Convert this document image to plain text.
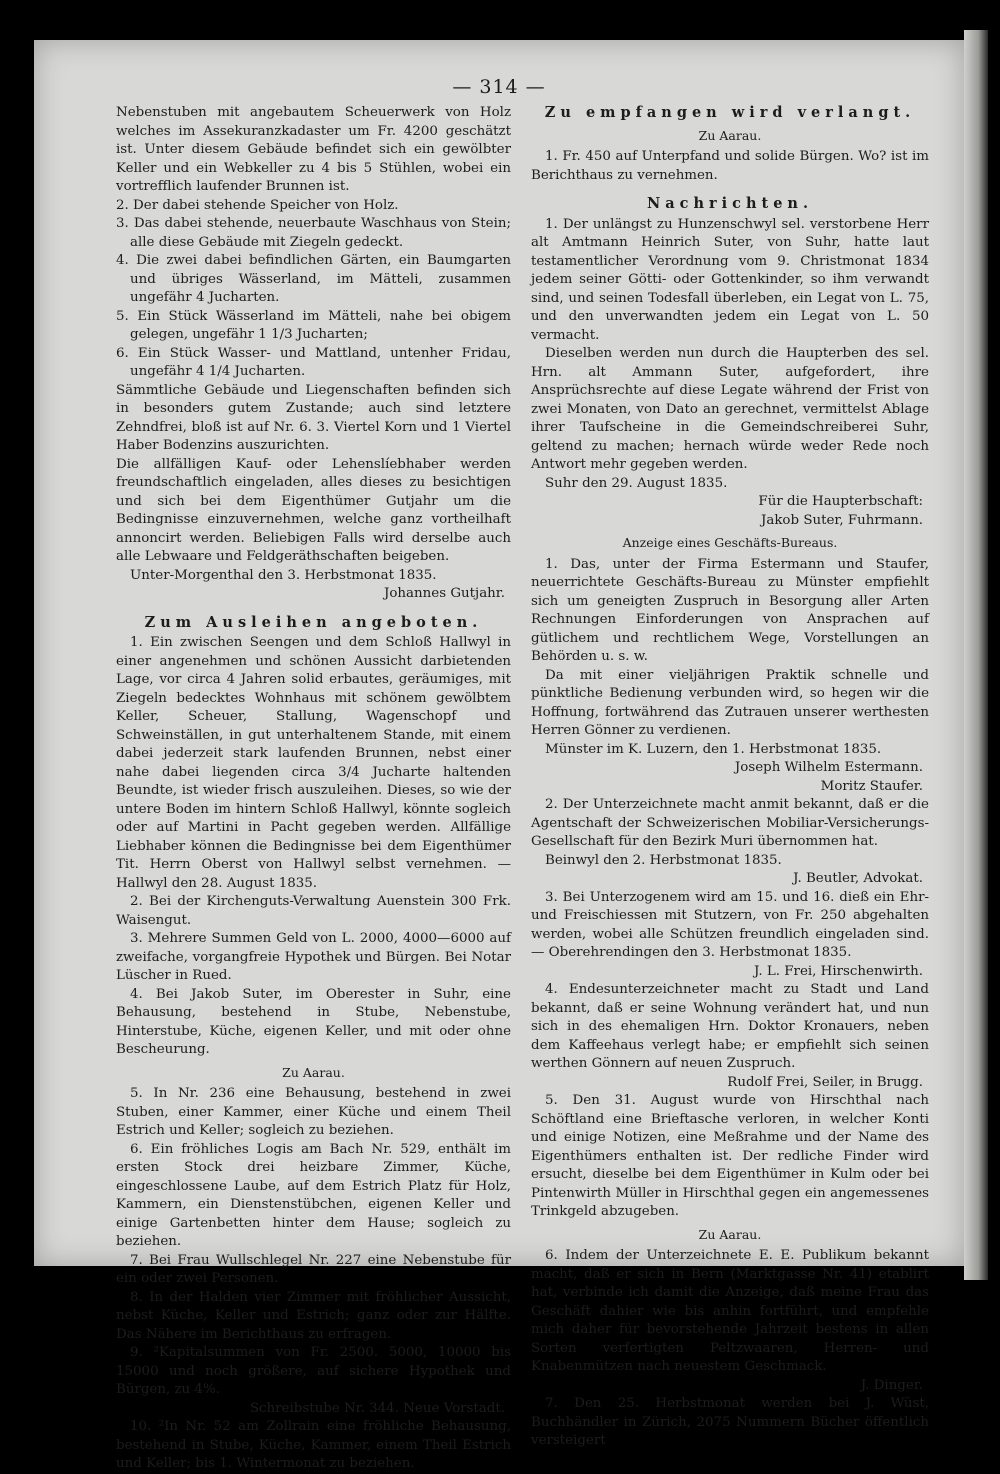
— 314 —

Nebenstuben mit angebautem Scheuerwerk von Holz welches im Assekuranzkadaster um Fr. 4200 geschätzt ist. Unter diesem Gebäude befindet sich ein gewölbter Keller und ein Webkeller zu 4 bis 5 Stühlen, wobei ein vortrefflich laufender Brunnen ist.

2. Der dabei stehende Speicher von Holz.

3. Das dabei stehende, neuerbaute Waschhaus von Stein; alle diese Gebäude mit Ziegeln gedeckt.

4. Die zwei dabei befindlichen Gärten, ein Baumgarten und übriges Wässerland, im Mätteli, zusammen ungefähr 4 Jucharten.

5. Ein Stück Wässerland im Mätteli, nahe bei obigem gelegen, ungefähr 1 1/3 Jucharten;

6. Ein Stück Wasser- und Mattland, untenher Fridau, ungefähr 4 1/4 Jucharten.

Sämmtliche Gebäude und Liegenschaften befinden sich in besonders gutem Zustande; auch sind letztere Zehndfrei, bloß ist auf Nr. 6. 3. Viertel Korn und 1 Viertel Haber Bodenzins auszurichten.

Die allfälligen Kauf- oder Lehenslíebhaber werden freundschaftlich eingeladen, alles dieses zu besichtigen und sich bei dem Eigenthümer Gutjahr um die Bedingnisse einzuvernehmen, welche ganz vortheilhaft annoncirt werden. Beliebigen Falls wird derselbe auch alle Lebwaare und Feldgeräthschaften beigeben.

Unter-Morgenthal den 3. Herbstmonat 1835.

Johannes Gutjahr.

Zum Ausleihen angeboten.

1. Ein zwischen Seengen und dem Schloß Hallwyl in einer angenehmen und schönen Aussicht darbietenden Lage, vor circa 4 Jahren solid erbautes, geräumiges, mit Ziegeln bedecktes Wohnhaus mit schönem gewölbtem Keller, Scheuer, Stallung, Wagenschopf und Schweinställen, in gut unterhaltenem Stande, mit einem dabei jederzeit stark laufenden Brunnen, nebst einer nahe dabei liegenden circa 3/4 Jucharte haltenden Beundte, ist wieder frisch auszuleihen. Dieses, so wie der untere Boden im hintern Schloß Hallwyl, könnte sogleich oder auf Martini in Pacht gegeben werden. Allfällige Liebhaber können die Bedingnisse bei dem Eigenthümer Tit. Herrn Oberst von Hallwyl selbst vernehmen. — Hallwyl den 28. August 1835.

2. Bei der Kirchenguts-Verwaltung Auenstein 300 Frk. Waisengut.

3. Mehrere Summen Geld von L. 2000, 4000—6000 auf zweifache, vorgangfreie Hypothek und Bürgen. Bei Notar Lüscher in Rued.

4. Bei Jakob Suter, im Oberester in Suhr, eine Behausung, bestehend in Stube, Nebenstube, Hinterstube, Küche, eigenen Keller, und mit oder ohne Bescheurung.

Zu Aarau.

5. In Nr. 236 eine Behausung, bestehend in zwei Stuben, einer Kammer, einer Küche und einem Theil Estrich und Keller; sogleich zu beziehen.

6. Ein fröhliches Logis am Bach Nr. 529, enthält im ersten Stock drei heizbare Zimmer, Küche, eingeschlossene Laube, auf dem Estrich Platz für Holz, Kammern, ein Dienstenstübchen, eigenen Keller und einige Gartenbetten hinter dem Hause; sogleich zu beziehen.

7. Bei Frau Wullschlegel Nr. 227 eine Nebenstube für ein oder zwei Personen.

8. In der Halden vier Zimmer mit fröhlicher Aussicht, nebst Küche, Keller und Estrich; ganz oder zur Hälfte. Das Nähere im Berichthaus zu erfragen.

9. ²Kapitalsummen von Fr. 2500. 5000, 10000 bis 15000 und noch größere, auf sichere Hypothek und Bürgen, zu 4%.

Schreibstube Nr. 344. Neue Vorstadt.

10. ²In Nr. 52 am Zollrain eine fröhliche Behausung, bestehend in Stube, Küche, Kammer, einem Theil Estrich und Keller; bis 1. Wintermonat zu beziehen.

Zu empfangen wird verlangt.

Zu Aarau.

1. Fr. 450 auf Unterpfand und solide Bürgen. Wo? ist im Berichthaus zu vernehmen.

Nachrichten.

1. Der unlängst zu Hunzenschwyl sel. verstorbene Herr alt Amtmann Heinrich Suter, von Suhr, hatte laut testamentlicher Verordnung vom 9. Christmonat 1834 jedem seiner Götti- oder Gottenkinder, so ihm verwandt sind, und seinen Todesfall überleben, ein Legat von L. 75, und den unverwandten jedem ein Legat von L. 50 vermacht.

Dieselben werden nun durch die Haupterben des sel. Hrn. alt Ammann Suter, aufgefordert, ihre Ansprüchsrechte auf diese Legate während der Frist von zwei Monaten, von Dato an gerechnet, vermittelst Ablage ihrer Taufscheine in die Gemeindschreiberei Suhr, geltend zu machen; hernach würde weder Rede noch Antwort mehr gegeben werden.

Suhr den 29. August 1835.

Für die Haupterbschaft:

Jakob Suter, Fuhrmann.

Anzeige eines Geschäfts-Bureaus.

1. Das, unter der Firma Estermann und Staufer, neuerrichtete Geschäfts-Bureau zu Münster empfiehlt sich um geneigten Zuspruch in Besorgung aller Arten Rechnungen Einforderungen von Ansprachen auf gütlichem und rechtlichem Wege, Vorstellungen an Behörden u. s. w.

Da mit einer vieljährigen Praktik schnelle und pünktliche Bedienung verbunden wird, so hegen wir die Hoffnung, fortwährend das Zutrauen unserer werthesten Herren Gönner zu verdienen.

Münster im K. Luzern, den 1. Herbstmonat 1835.

Joseph Wilhelm Estermann.

Moritz Staufer.

2. Der Unterzeichnete macht anmit bekannt, daß er die Agentschaft der Schweizerischen Mobiliar-Versicherungs-Gesellschaft für den Bezirk Muri übernommen hat.

Beinwyl den 2. Herbstmonat 1835.

J. Beutler, Advokat.

3. Bei Unterzogenem wird am 15. und 16. dieß ein Ehr- und Freischiessen mit Stutzern, von Fr. 250 abgehalten werden, wobei alle Schützen freundlich eingeladen sind. — Oberehrendingen den 3. Herbstmonat 1835.

J. L. Frei, Hirschenwirth.

4. Endesunterzeichneter macht zu Stadt und Land bekannt, daß er seine Wohnung verändert hat, und nun sich in des ehemaligen Hrn. Doktor Kronauers, neben dem Kaffeehaus verlegt habe; er empfiehlt sich seinen werthen Gönnern auf neuen Zuspruch.

Rudolf Frei, Seiler, in Brugg.

5. Den 31. August wurde von Hirschthal nach Schöftland eine Brieftasche verloren, in welcher Konti und einige Notizen, eine Meßrahme und der Name des Eigenthümers enthalten ist. Der redliche Finder wird ersucht, dieselbe bei dem Eigenthümer in Kulm oder bei Pintenwirth Müller in Hirschthal gegen ein angemessenes Trinkgeld abzugeben.

Zu Aarau.

6. Indem der Unterzeichnete E. E. Publikum bekannt macht, daß er sich in Bern (Marktgasse Nr. 41) etablirt hat, verbinde ich damit die Anzeige, daß meine Frau das Geschäft dahier wie bis anhin fortführt, und empfehle mich daher für bevorstehende Jahrzeit bestens in allen Sorten verfertigten Peltzwaaren, Herren- und Knabenmützen nach neuestem Geschmack.

J. Dinger.

7. Den 25. Herbstmonat werden bei J. Wüst, Buchhändler in Zürich, 2075 Nummern Bücher öffentlich versteigert
